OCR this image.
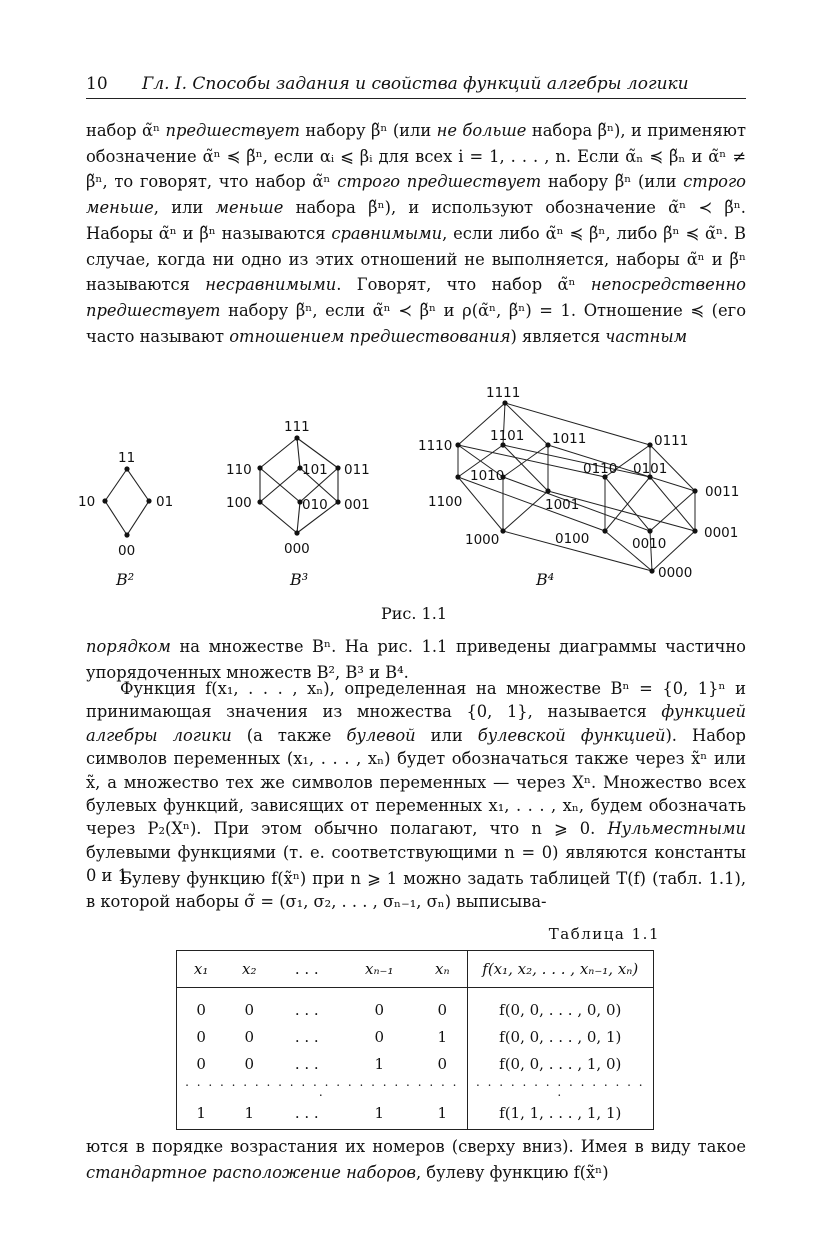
10 Гл. I. Способы задания и свойства функций алгебры логики
набор α̃ⁿ предшествует набору β̃ⁿ (или не больше набора β̃ⁿ), и применяют обозначение α̃ⁿ ≼ β̃ⁿ, если αᵢ ⩽ βᵢ для всех i = 1, . . . , n. Если α̃ₙ ≼ β̃ₙ и α̃ⁿ ≠ β̃ⁿ, то говорят, что набор α̃ⁿ строго предшествует набору β̃ⁿ (или строго меньше, или меньше набора β̃ⁿ), и используют обозначение α̃ⁿ ≺ β̃ⁿ. Наборы α̃ⁿ и β̃ⁿ называются сравнимыми, если либо α̃ⁿ ≼ β̃ⁿ, либо β̃ⁿ ≼ α̃ⁿ. В случае, когда ни одно из этих отношений не выполняется, наборы α̃ⁿ и β̃ⁿ называются несравнимыми. Говорят, что набор α̃ⁿ непосредственно предшествует набору β̃ⁿ, если α̃ⁿ ≺ β̃ⁿ и ρ(α̃ⁿ, β̃ⁿ) = 1. Отношение ≼ (его часто называют отношением предшествования) является частным
11
10	01
00
B²
111
110	101 011
100	010 001
000
B³
1111
1110
1101 1011	0111
1100
1010
1001
0110 0101
0011
1000	0100	0010
0001
0000
B⁴
Рис. 1.1
порядком на множестве Bⁿ. На рис. 1.1 приведены диаграммы частично упорядоченных множеств B², B³ и B⁴.
Функция f(x₁, . . . , xₙ), определенная на множестве Bⁿ = {0, 1}ⁿ и принимающая значения из множества {0, 1}, называется функцией алгебры логики (а также булевой или булевской функцией). Набор символов переменных (x₁, . . . , xₙ) будет обозначаться также через x̃ⁿ или x̃, а множество тех же символов переменных — через Xⁿ. Множество всех булевых функций, зависящих от переменных x₁, . . . , xₙ, будем обозначать через P₂(Xⁿ). При этом обычно полагают, что n ⩾ 0. Нульместными булевыми функциями (т. е. соответствующими n = 0) являются константы 0 и 1.
Булеву функцию f(x̃ⁿ) при n ⩾ 1 можно задать таблицей T(f) (табл. 1.1), в которой наборы σ̃ = (σ₁, σ₂, . . . , σₙ₋₁, σₙ) выписыва-
Таблица 1.1
x₁	x₂	. . .	xₙ₋₁	xₙ	f(x₁, x₂, . . . , xₙ₋₁, xₙ)
0	0	. . .	0	0	f(0, 0, . . . , 0, 0)
0	0	. . .	0	1	f(0, 0, . . . , 0, 1)
0	0	. . .	1	0	f(0, 0, . . . , 1, 0)
. . . . . . . . . . . . . . . . . . . . . . . . .					. . . . . . . . . . . . . . . .
1	1	. . .	1	1	f(1, 1, . . . , 1, 1)
ются в порядке возрастания их номеров (сверху вниз). Имея в виду такое стандартное расположение наборов, булеву функцию f(x̃ⁿ)
